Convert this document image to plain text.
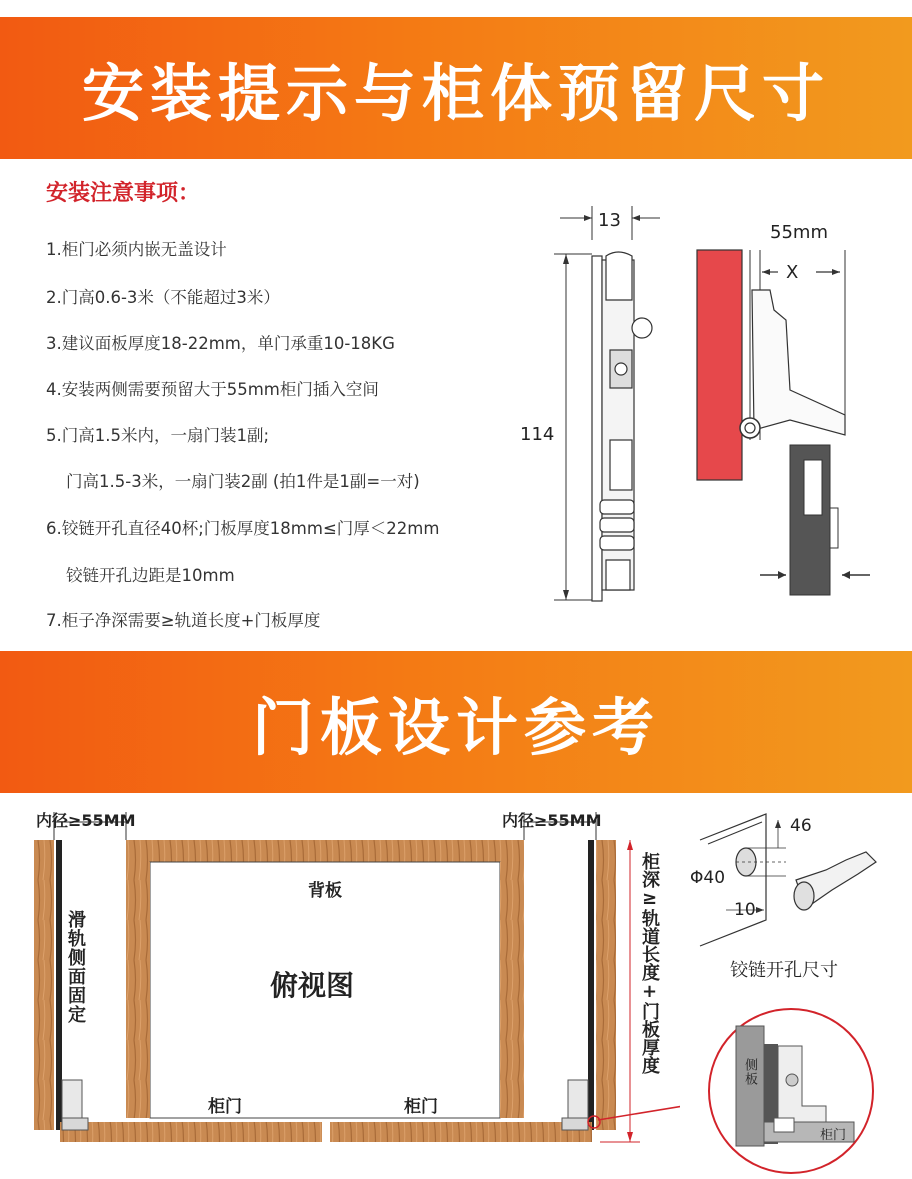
安装提示与柜体预留尺寸
安装注意事项：
1.柜门必须内嵌无盖设计
2.门高0.6-3米（不能超过3米）
3.建议面板厚度18-22mm，单门承重10-18KG
4.安装两侧需要预留大于55mm柜门插入空间
5.门高1.5米内，一扇门装1副;
门高1.5-3米，一扇门装2副 (拍1件是1副=一对)
6.铰链开孔直径40杯;门板厚度18mm≤门厚＜22mm
铰链开孔边距是10mm
7.柜子净深需要≥轨道长度+门板厚度
13
114
55mm
X
门板设计参考
内径≥55MM	内径≥55MM
背板
俯视图
滑轨侧面固定
柜门	柜门
柜深≥轨道长度+门板厚度
46
Φ40
10
铰链开孔尺寸
侧板
柜门
